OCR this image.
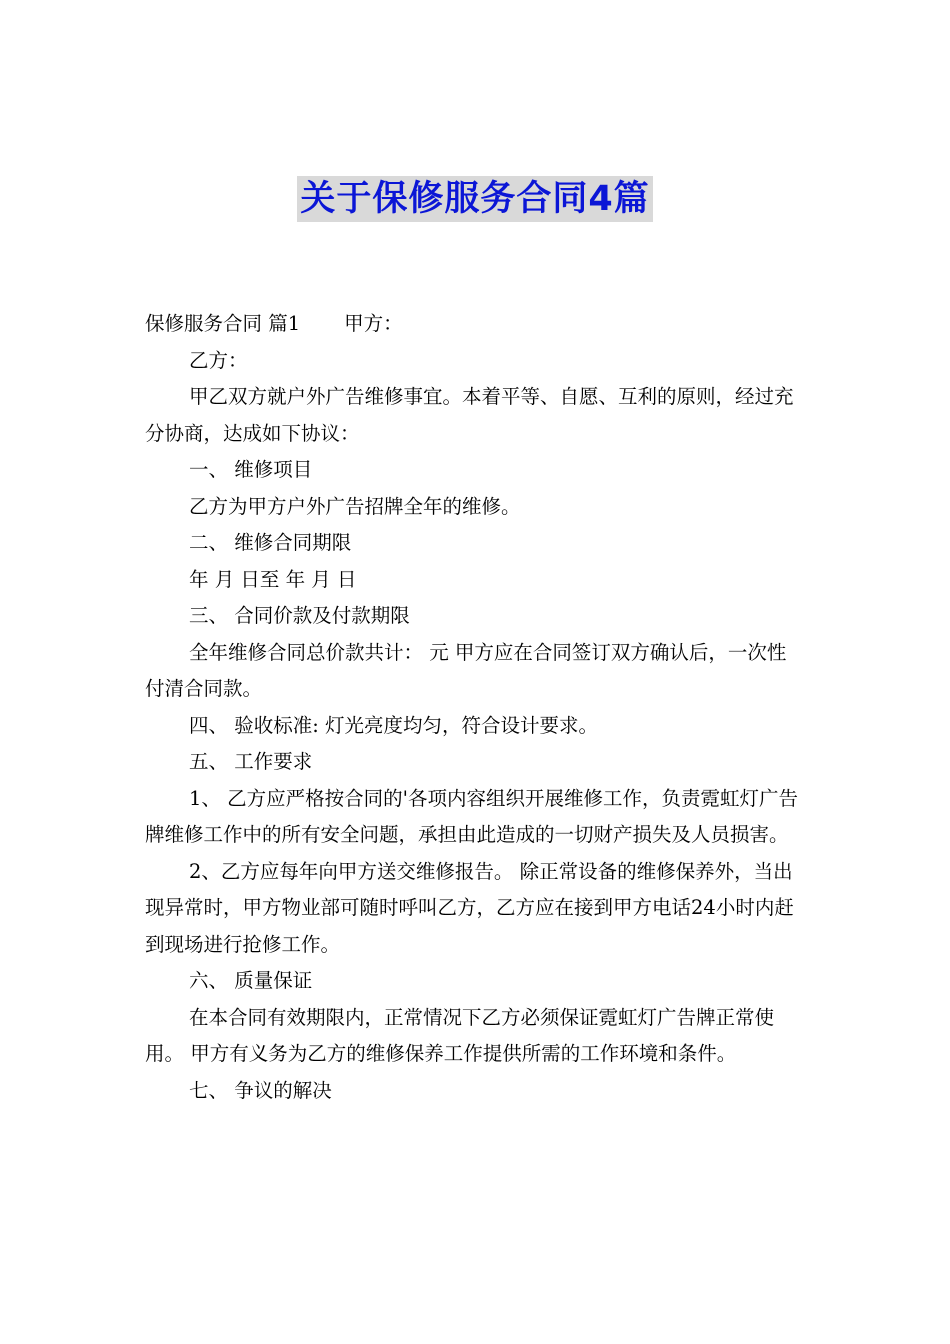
关于保修服务合同4篇
保修服务合同 篇1 甲方：

乙方：

甲乙双方就户外广告维修事宜。本着平等、自愿、互利的原则，经过充分协商，达成如下协议：

一、 维修项目

乙方为甲方户外广告招牌全年的维修。

二、 维修合同期限

年 月 日至 年 月 日

三、 合同价款及付款期限

全年维修合同总价款共计： 元 甲方应在合同签订双方确认后，一次性付清合同款。

四、 验收标准: 灯光亮度均匀，符合设计要求。

五、 工作要求

1、 乙方应严格按合同的'各项内容组织开展维修工作，负责霓虹灯广告牌维修工作中的所有安全问题，承担由此造成的一切财产损失及人员损害。

2、乙方应每年向甲方送交维修报告。 除正常设备的维修保养外，当出现异常时，甲方物业部可随时呼叫乙方，乙方应在接到甲方电话24小时内赶到现场进行抢修工作。

六、 质量保证

在本合同有效期限内，正常情况下乙方必须保证霓虹灯广告牌正常使用。 甲方有义务为乙方的维修保养工作提供所需的工作环境和条件。

七、 争议的解决
